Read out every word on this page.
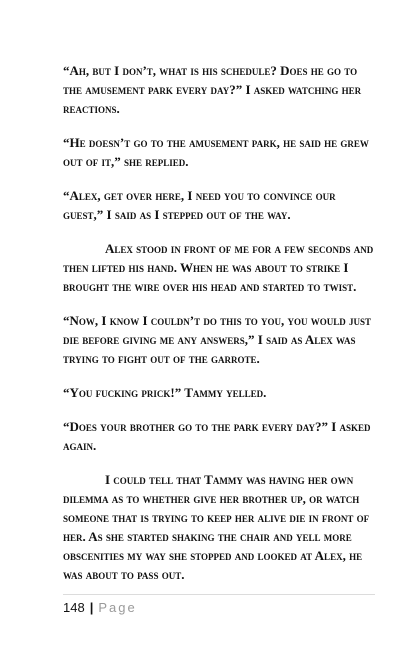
“Ah, but I don’t, what is his schedule? Does he go to the amusement park every day?” I asked watching her reactions.

“He doesn’t go to the amusement park, he said he grew out of it,” she replied.

“Alex, get over here, I need you to convince our guest,” I said as I stepped out of the way.

Alex stood in front of me for a few seconds and then lifted his hand. When he was about to strike I brought the wire over his head and started to twist.

“Now, I know I couldn’t do this to you, you would just die before giving me any answers,” I said as Alex was trying to fight out of the garrote.

“You fucking prick!” Tammy yelled.

“Does your brother go to the park every day?” I asked again.

I could tell that Tammy was having her own dilemma as to whether give her brother up, or watch someone that is trying to keep her alive die in front of her. As she started shaking the chair and yell more obscenities my way she stopped and looked at Alex, he was about to pass out.

148 | Page
